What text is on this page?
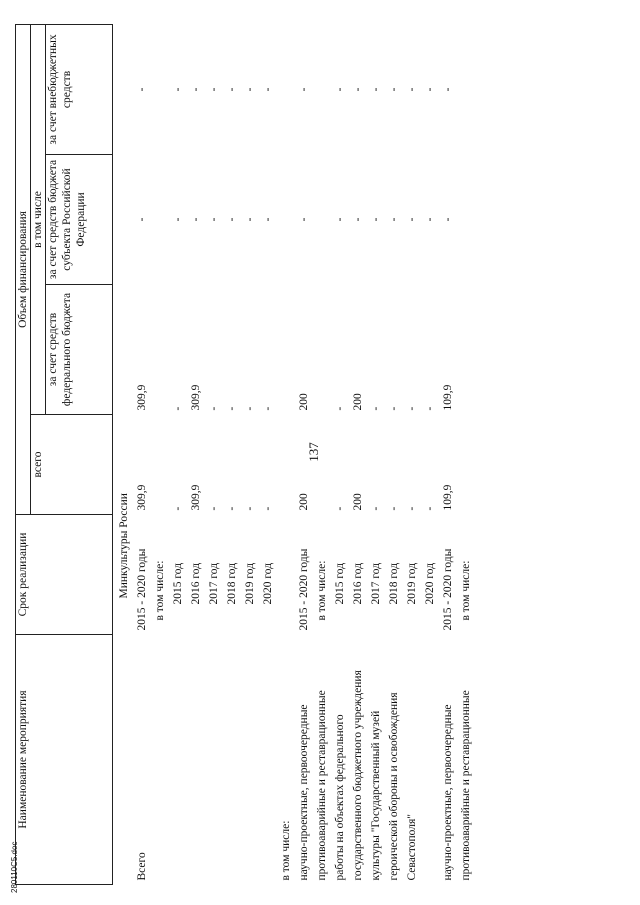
137
Наименование мероприятия	Срок реализации	Объем финансирования			
		всего	в том числе		
			за счет средств федерального бюджета	за счет средств бюджета субъекта Российской Федерации	за счет внебюджетных средств
	Минкультуры России				
Всего	2015 - 2020 годы	309,9	309,9	-	-
	в том числе:				
	2015 год	-	-	-	-
	2016 год	309,9	309,9	-	-
	2017 год	-	-	-	-
	2018 год	-	-	-	-
	2019 год	-	-	-	-
	2020 год	-	-	-	-
в том числе:					
научно-проектные, первоочередные	2015 - 2020 годы	200	200	-	-
противоаварийные и реставрационные	в том числе:				
работы на объектах федерального	2015 год	-	-	-	-
государственного бюджетного учреждения	2016 год	200	200	-	-
культуры "Государственный музей	2017 год	-	-	-	-
героической обороны и освобождения	2018 год	-	-	-	-
Севастополя"	2019 год	-	-	-	-
	2020 год	-	-	-	-
научно-проектные, первоочередные	2015 - 2020 годы	109,9	109,9	-	-
противоаварийные и реставрационные	в том числе:				
280110C5.doc
